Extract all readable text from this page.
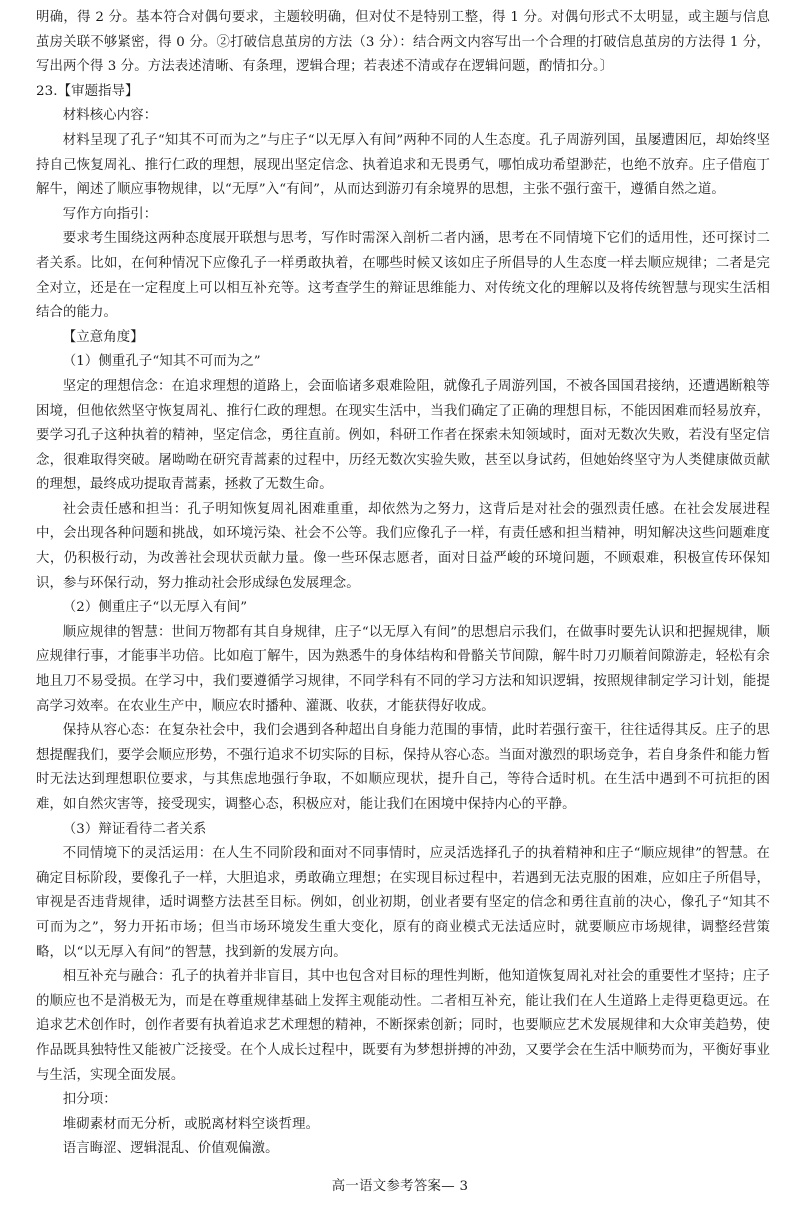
明确，得 2 分。基本符合对偶句要求，主题较明确，但对仗不是特别工整，得 1 分。对偶句形式不太明显，或主题与信息茧房关联不够紧密，得 0 分。②打破信息茧房的方法（3 分）：结合两文内容写出一个合理的打破信息茧房的方法得 1 分，写出两个得 3 分。方法表述清晰、有条理，逻辑合理；若表述不清或存在逻辑问题，酌情扣分。〕

23.【审题指导】

材料核心内容：

材料呈现了孔子“知其不可而为之”与庄子“以无厚入有间”两种不同的人生态度。孔子周游列国，虽屡遭困厄，却始终坚持自己恢复周礼、推行仁政的理想，展现出坚定信念、执着追求和无畏勇气，哪怕成功希望渺茫，也绝不放弃。庄子借庖丁解牛，阐述了顺应事物规律，以“无厚”入“有间”，从而达到游刃有余境界的思想，主张不强行蛮干，遵循自然之道。

写作方向指引：

要求考生围绕这两种态度展开联想与思考，写作时需深入剖析二者内涵，思考在不同情境下它们的适用性，还可探讨二者关系。比如，在何种情况下应像孔子一样勇敢执着，在哪些时候又该如庄子所倡导的人生态度一样去顺应规律；二者是完全对立，还是在一定程度上可以相互补充等。这考查学生的辩证思维能力、对传统文化的理解以及将传统智慧与现实生活相结合的能力。

【立意角度】

（1）侧重孔子“知其不可而为之”

坚定的理想信念：在追求理想的道路上，会面临诸多艰难险阻，就像孔子周游列国，不被各国国君接纳，还遭遇断粮等困境，但他依然坚守恢复周礼、推行仁政的理想。在现实生活中，当我们确定了正确的理想目标，不能因困难而轻易放弃，要学习孔子这种执着的精神，坚定信念，勇往直前。例如，科研工作者在探索未知领域时，面对无数次失败，若没有坚定信念，很难取得突破。屠呦呦在研究青蒿素的过程中，历经无数次实验失败，甚至以身试药，但她始终坚守为人类健康做贡献的理想，最终成功提取青蒿素，拯救了无数生命。

社会责任感和担当：孔子明知恢复周礼困难重重，却依然为之努力，这背后是对社会的强烈责任感。在社会发展进程中，会出现各种问题和挑战，如环境污染、社会不公等。我们应像孔子一样，有责任感和担当精神，明知解决这些问题难度大，仍积极行动，为改善社会现状贡献力量。像一些环保志愿者，面对日益严峻的环境问题，不顾艰难，积极宣传环保知识，参与环保行动，努力推动社会形成绿色发展理念。

（2）侧重庄子“以无厚入有间”

顺应规律的智慧：世间万物都有其自身规律，庄子“以无厚入有间”的思想启示我们，在做事时要先认识和把握规律，顺应规律行事，才能事半功倍。比如庖丁解牛，因为熟悉牛的身体结构和骨骼关节间隙，解牛时刀刃顺着间隙游走，轻松有余地且刀不易受损。在学习中，我们要遵循学习规律，不同学科有不同的学习方法和知识逻辑，按照规律制定学习计划，能提高学习效率。在农业生产中，顺应农时播种、灌溉、收获，才能获得好收成。

保持从容心态：在复杂社会中，我们会遇到各种超出自身能力范围的事情，此时若强行蛮干，往往适得其反。庄子的思想提醒我们，要学会顺应形势，不强行追求不切实际的目标，保持从容心态。当面对激烈的职场竞争，若自身条件和能力暂时无法达到理想职位要求，与其焦虑地强行争取，不如顺应现状，提升自己，等待合适时机。在生活中遇到不可抗拒的困难，如自然灾害等，接受现实，调整心态，积极应对，能让我们在困境中保持内心的平静。

（3）辩证看待二者关系

不同情境下的灵活运用：在人生不同阶段和面对不同事情时，应灵活选择孔子的执着精神和庄子“顺应规律”的智慧。在确定目标阶段，要像孔子一样，大胆追求，勇敢确立理想；在实现目标过程中，若遇到无法克服的困难，应如庄子所倡导，审视是否违背规律，适时调整方法甚至目标。例如，创业初期，创业者要有坚定的信念和勇往直前的决心，像孔子“知其不可而为之”，努力开拓市场；但当市场环境发生重大变化，原有的商业模式无法适应时，就要顺应市场规律，调整经营策略，以“以无厚入有间”的智慧，找到新的发展方向。

相互补充与融合：孔子的执着并非盲目，其中也包含对目标的理性判断，他知道恢复周礼对社会的重要性才坚持；庄子的顺应也不是消极无为，而是在尊重规律基础上发挥主观能动性。二者相互补充，能让我们在人生道路上走得更稳更远。在追求艺术创作时，创作者要有执着追求艺术理想的精神，不断探索创新；同时，也要顺应艺术发展规律和大众审美趋势，使作品既具独特性又能被广泛接受。在个人成长过程中，既要有为梦想拼搏的冲劲，又要学会在生活中顺势而为，平衡好事业与生活，实现全面发展。

扣分项：

堆砌素材而无分析，或脱离材料空谈哲理。

语言晦涩、逻辑混乱、价值观偏激。

高一语文参考答案— 3
